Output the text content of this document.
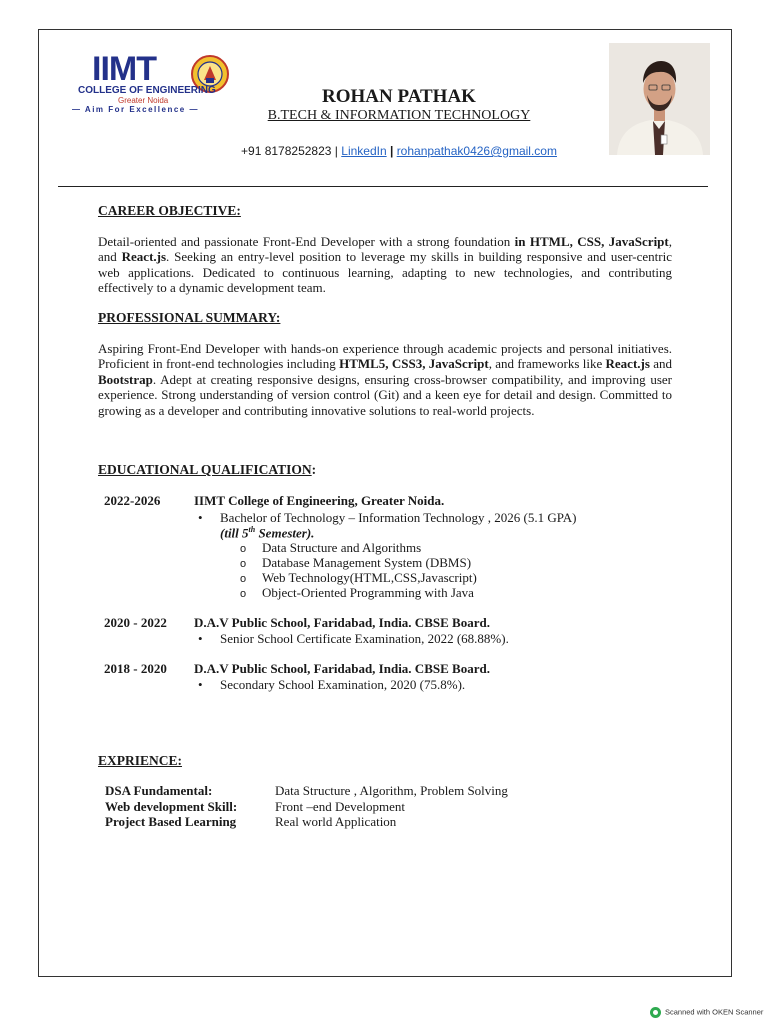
IIMT
COLLEGE OF ENGINEERING
Greater Noida
— Aim For Excellence —
ROHAN PATHAK
B.TECH & INFORMATION TECHNOLOGY
+91 8178252823 | LinkedIn | rohanpathak0426@gmail.com
CAREER OBJECTIVE:
Detail-oriented and passionate Front-End Developer with a strong foundation in HTML, CSS, JavaScript, and React.js. Seeking an entry-level position to leverage my skills in building responsive and user-centric web applications. Dedicated to continuous learning, adapting to new technologies, and contributing effectively to a dynamic development team.
PROFESSIONAL SUMMARY:
Aspiring Front-End Developer with hands-on experience through academic projects and personal initiatives. Proficient in front-end technologies including HTML5, CSS3, JavaScript, and frameworks like React.js and Bootstrap. Adept at creating responsive designs, ensuring cross-browser compatibility, and improving user experience. Strong understanding of version control (Git) and a keen eye for detail and design. Committed to growing as a developer and contributing innovative solutions to real-world projects.
EDUCATIONAL QUALIFICATION:
2022-2026	IIMT College of Engineering, Greater Noida.
• Bachelor of Technology – Information Technology , 2026 (5.1 GPA)
(till 5th Semester).
o Data Structure and Algorithms
o Database Management System (DBMS)
o Web Technology(HTML,CSS,Javascript)
o Object-Oriented Programming with Java
2020 - 2022 D.A.V Public School, Faridabad, India. CBSE Board.
• Senior School Certificate Examination, 2022 (68.88%).
2018 - 2020 D.A.V Public School, Faridabad, India. CBSE Board.
• Secondary School Examination, 2020 (75.8%).
EXPRIENCE:
DSA Fundamental:	Data Structure , Algorithm, Problem Solving
Web development Skill:	Front –end Development
Project Based Learning	Real world Application
Scanned with OKEN Scanner
